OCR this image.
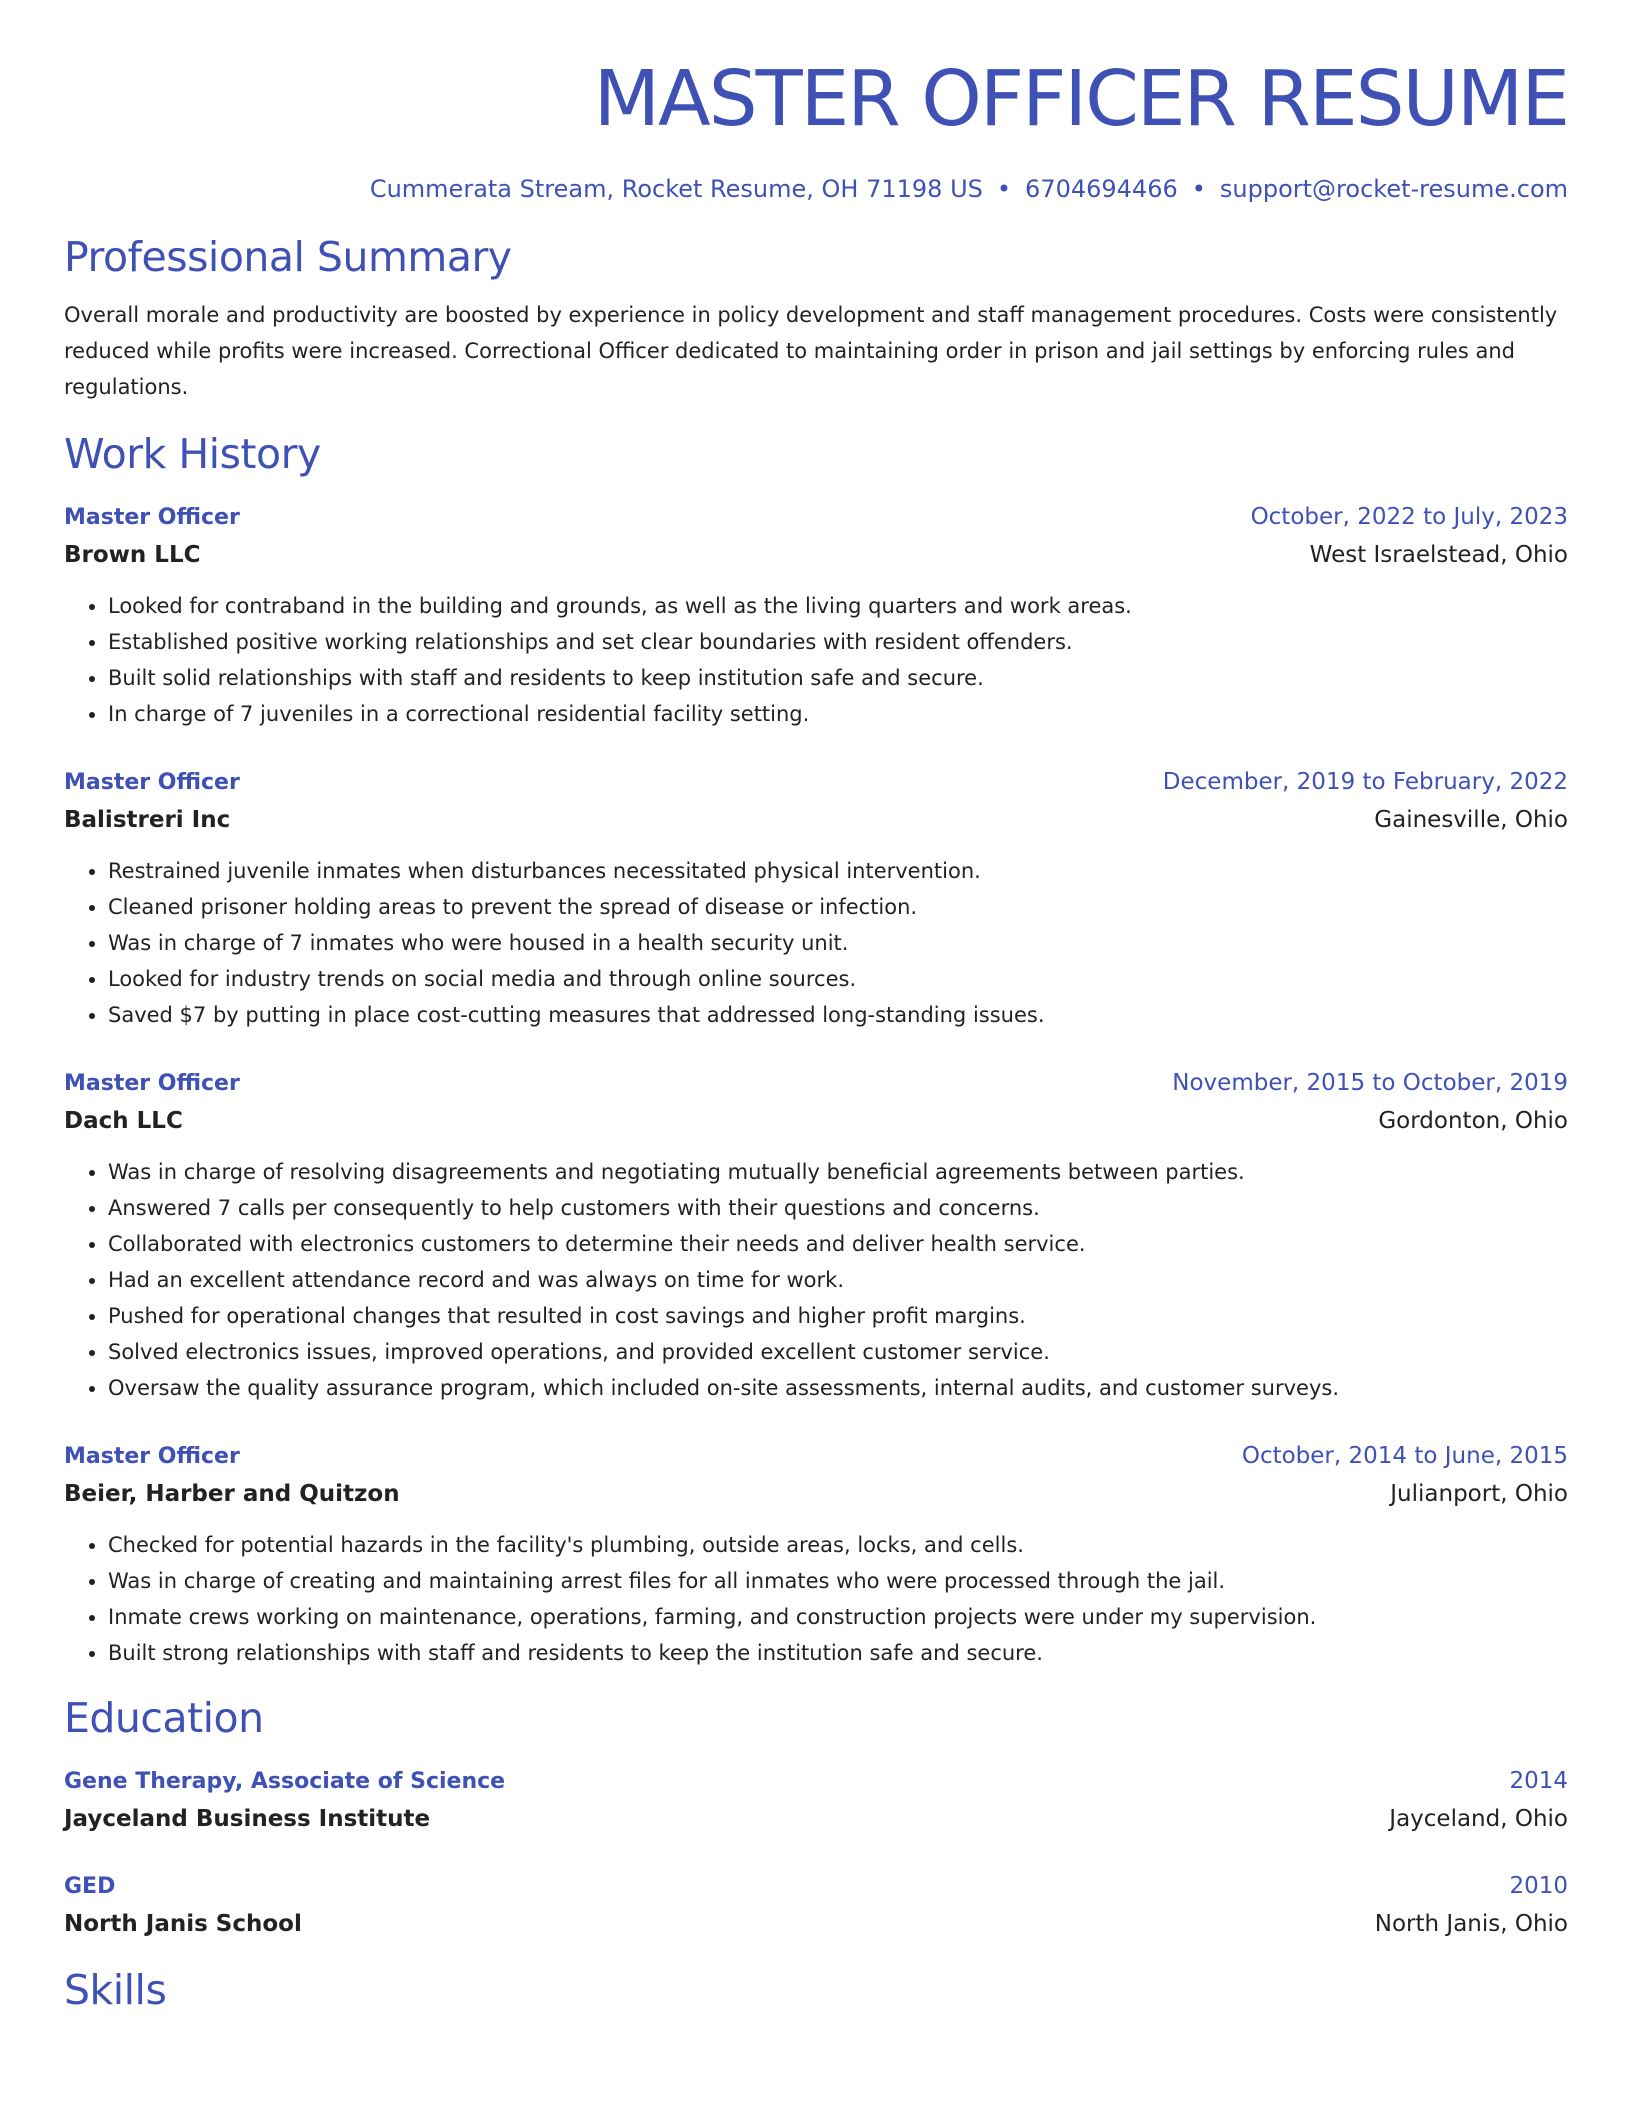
MASTER OFFICER RESUME
Cummerata Stream, Rocket Resume, OH 71198 US • 6704694466 • support@rocket-resume.com
Professional Summary
Overall morale and productivity are boosted by experience in policy development and staff management procedures. Costs were consistently reduced while profits were increased. Correctional Officer dedicated to maintaining order in prison and jail settings by enforcing rules and regulations.
Work History
Master Officer	October, 2022 to July, 2023
Brown LLC	West Israelstead, Ohio
• Looked for contraband in the building and grounds, as well as the living quarters and work areas.
• Established positive working relationships and set clear boundaries with resident offenders.
• Built solid relationships with staff and residents to keep institution safe and secure.
• In charge of 7 juveniles in a correctional residential facility setting.
Master Officer	December, 2019 to February, 2022
Balistreri Inc	Gainesville, Ohio
• Restrained juvenile inmates when disturbances necessitated physical intervention.
• Cleaned prisoner holding areas to prevent the spread of disease or infection.
• Was in charge of 7 inmates who were housed in a health security unit.
• Looked for industry trends on social media and through online sources.
• Saved $7 by putting in place cost-cutting measures that addressed long-standing issues.
Master Officer	November, 2015 to October, 2019
Dach LLC	Gordonton, Ohio
• Was in charge of resolving disagreements and negotiating mutually beneficial agreements between parties.
• Answered 7 calls per consequently to help customers with their questions and concerns.
• Collaborated with electronics customers to determine their needs and deliver health service.
• Had an excellent attendance record and was always on time for work.
• Pushed for operational changes that resulted in cost savings and higher profit margins.
• Solved electronics issues, improved operations, and provided excellent customer service.
• Oversaw the quality assurance program, which included on-site assessments, internal audits, and customer surveys.
Master Officer	October, 2014 to June, 2015
Beier, Harber and Quitzon	Julianport, Ohio
• Checked for potential hazards in the facility's plumbing, outside areas, locks, and cells.
• Was in charge of creating and maintaining arrest files for all inmates who were processed through the jail.
• Inmate crews working on maintenance, operations, farming, and construction projects were under my supervision.
• Built strong relationships with staff and residents to keep the institution safe and secure.
Education
Gene Therapy, Associate of Science	2014
Jayceland Business Institute	Jayceland, Ohio
GED	2010
North Janis School	North Janis, Ohio
Skills
